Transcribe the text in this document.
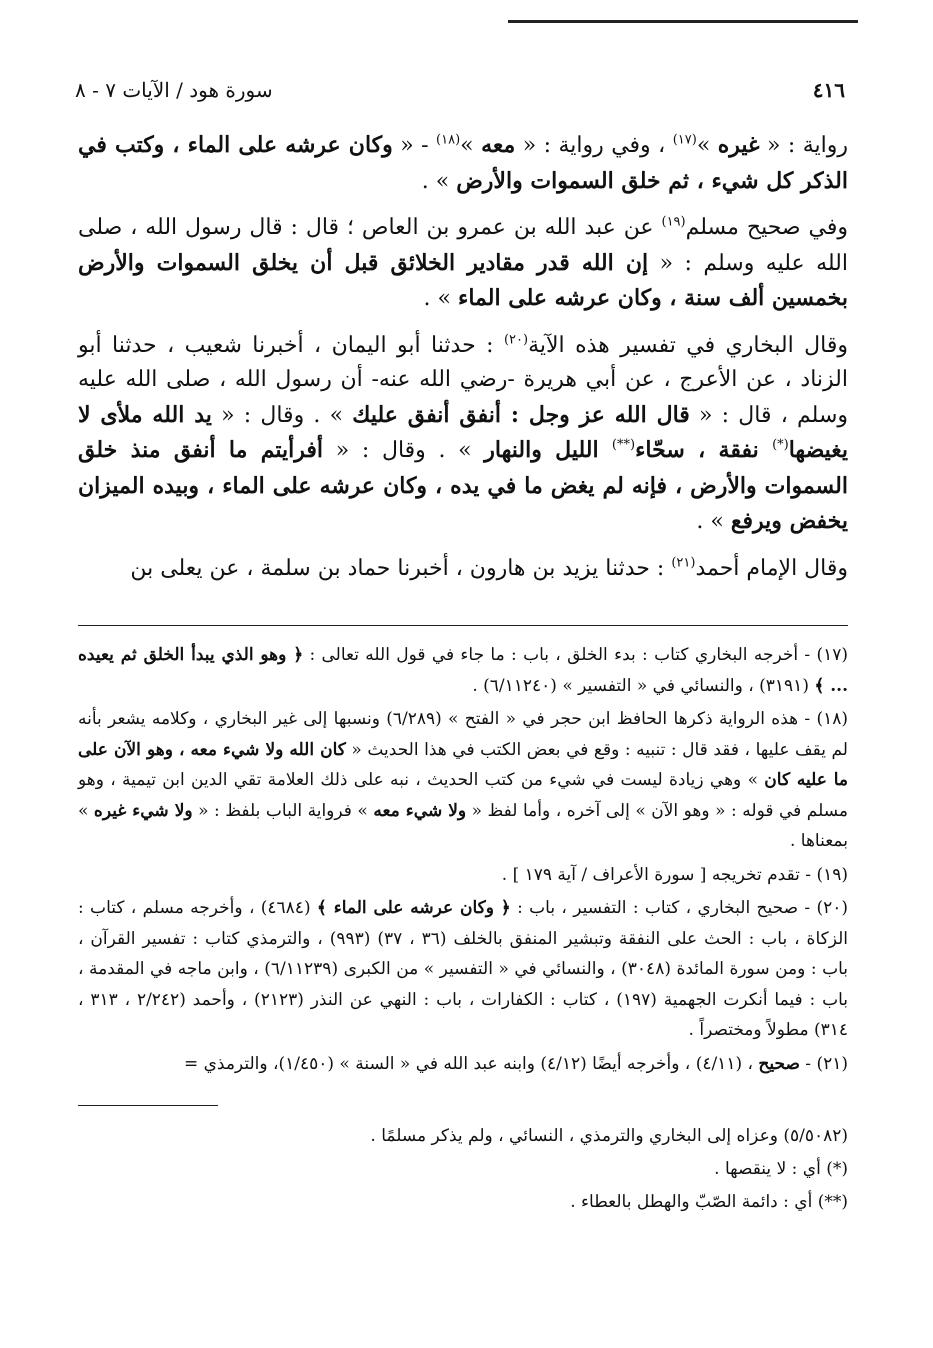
٤١٦
سورة هود / الآيات ٧ - ٨

رواية : « غيره »$^{(١٧)}$ ، وفي رواية : « معه »$^{(١٨)}$ - « وكان عرشه على الماء ، وكتب في الذكر كل شيء ، ثم خلق السموات والأرض » .

وفي صحيح مسلم$^{(١٩)}$ عن عبد الله بن عمرو بن العاص ؛ قال : قال رسول الله ، صلى الله عليه وسلم : « إن الله قدر مقادير الخلائق قبل أن يخلق السموات والأرض بخمسين ألف سنة ، وكان عرشه على الماء » .

وقال البخاري في تفسير هذه الآية$^{(٢٠)}$ : حدثنا أبو اليمان ، أخبرنا شعيب ، حدثنا أبو الزناد ، عن الأعرج ، عن أبي هريرة -رضي الله عنه- أن رسول الله ، صلى الله عليه وسلم ، قال : « قال الله عز وجل : أنفق أنفق عليك » . وقال : « يد الله ملأى لا يغيضها(*) نفقة ، سحّاء(**) الليل والنهار » . وقال : « أفرأيتم ما أنفق منذ خلق السموات والأرض ، فإنه لم يغض ما في يده ، وكان عرشه على الماء ، وبيده الميزان يخفض ويرفع » .

وقال الإمام أحمد$^{(٢١)}$ : حدثنا يزيد بن هارون ، أخبرنا حماد بن سلمة ، عن يعلى بن

(١٧) - أخرجه البخاري كتاب : بدء الخلق ، باب : ما جاء في قول الله تعالى : ﴿ وهو الذي يبدأ الخلق ثم يعيده ... ﴾ (٣١٩١) ، والنسائي في « التفسير » (٦/١١٢٤٠) .

(١٨) - هذه الرواية ذكرها الحافظ ابن حجر في « الفتح » (٦/٢٨٩) ونسبها إلى غير البخاري ، وكلامه يشعر بأنه لم يقف عليها ، فقد قال : تنبيه : وقع في بعض الكتب في هذا الحديث « كان الله ولا شيء معه ، وهو الآن على ما عليه كان » وهي زيادة ليست في شيء من كتب الحديث ، نبه على ذلك العلامة تقي الدين ابن تيمية ، وهو مسلم في قوله : « وهو الآن » إلى آخره ، وأما لفظ « ولا شيء معه » فرواية الباب بلفظ : « ولا شيء غيره » بمعناها .

(١٩) - تقدم تخريجه [ سورة الأعراف / آية ١٧٩ ] .

(٢٠) - صحيح البخاري ، كتاب : التفسير ، باب : ﴿ وكان عرشه على الماء ﴾ (٤٦٨٤) ، وأخرجه مسلم ، كتاب : الزكاة ، باب : الحث على النفقة وتبشير المنفق بالخلف (٣٦ ، ٣٧) (٩٩٣) ، والترمذي كتاب : تفسير القرآن ، باب : ومن سورة المائدة (٣٠٤٨) ، والنسائي في « التفسير » من الكبرى (٦/١١٢٣٩) ، وابن ماجه في المقدمة ، باب : فيما أنكرت الجهمية (١٩٧) ، كتاب : الكفارات ، باب : النهي عن النذر (٢١٢٣) ، وأحمد (٢/٢٤٢ ، ٣١٣ ، ٣١٤) مطولاً ومختصراً .

(٢١) - صحيح ، (٤/١١) ، وأخرجه أيضًا (٤/١٢) وابنه عبد الله في « السنة » (١/٤٥٠)، والترمذي =

(٥/٥٠٨٢) وعزاه إلى البخاري والترمذي ، النسائي ، ولم يذكر مسلمًا .

(*) أي : لا ينقصها .

(**) أي : دائمة الصّبّ والهطل بالعطاء .
